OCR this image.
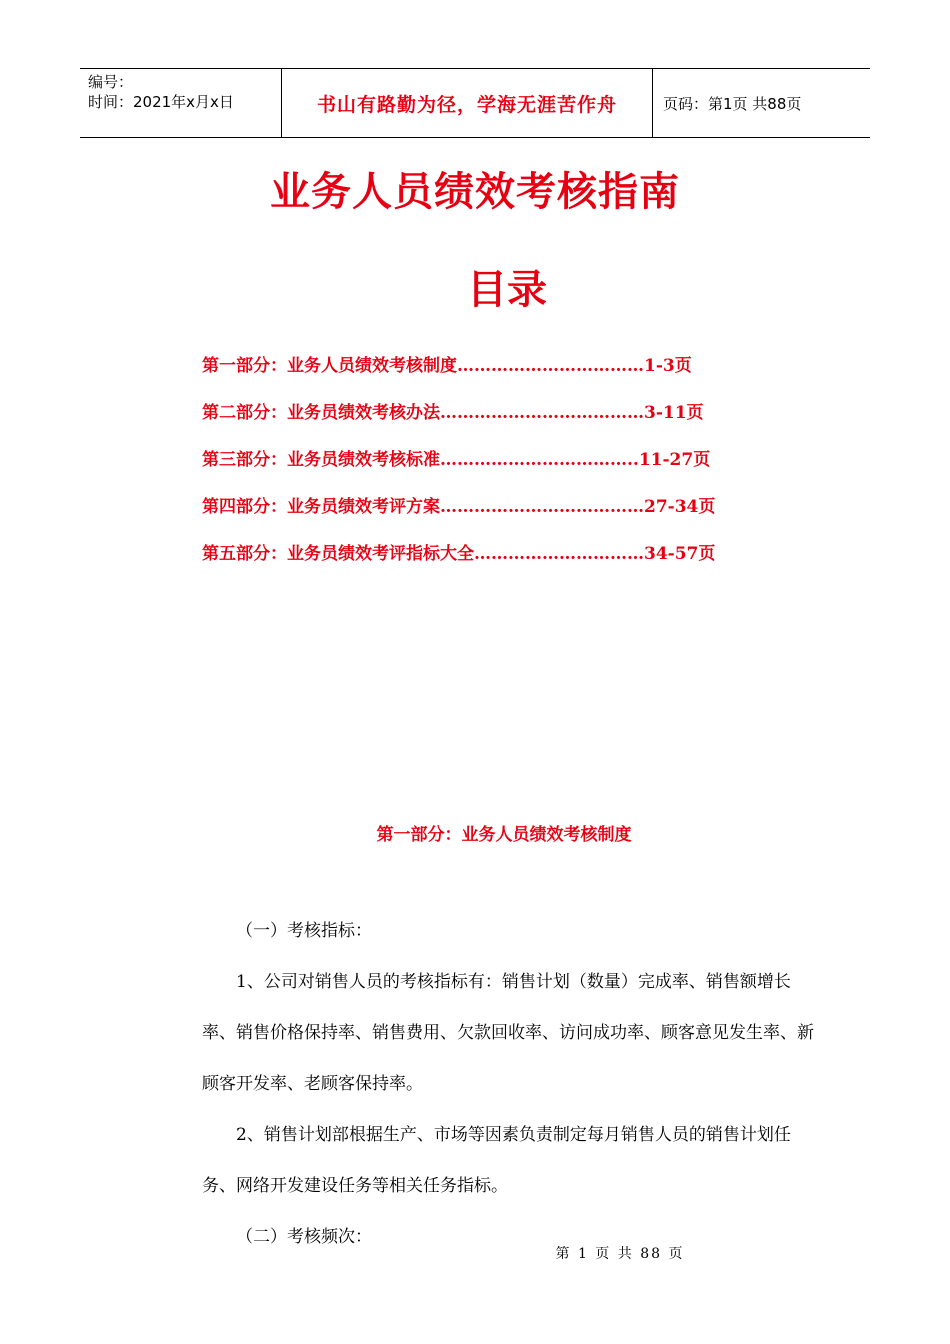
编号：
时间：2021年x月x日	书山有路勤为径，学海无涯苦作舟	页码：第1页 共88页
业务人员绩效考核指南
目录
第一部分：业务人员绩效考核制度……………………………1-3页
第二部分：业务员绩效考核办法………………………………3-11页
第三部分：业务员绩效考核标准……………………………..11-27页
第四部分：业务员绩效考评方案………………………………27-34页
第五部分：业务员绩效考评指标大全…………………………34-57页
第一部分：业务人员绩效考核制度

（一）考核指标：

1、公司对销售人员的考核指标有：销售计划（数量）完成率、销售额增长率、销售价格保持率、销售费用、欠款回收率、访问成功率、顾客意见发生率、新顾客开发率、老顾客保持率。

2、销售计划部根据生产、市场等因素负责制定每月销售人员的销售计划任务、网络开发建设任务等相关任务指标。

（二）考核频次：

第 1 页 共 88 页
